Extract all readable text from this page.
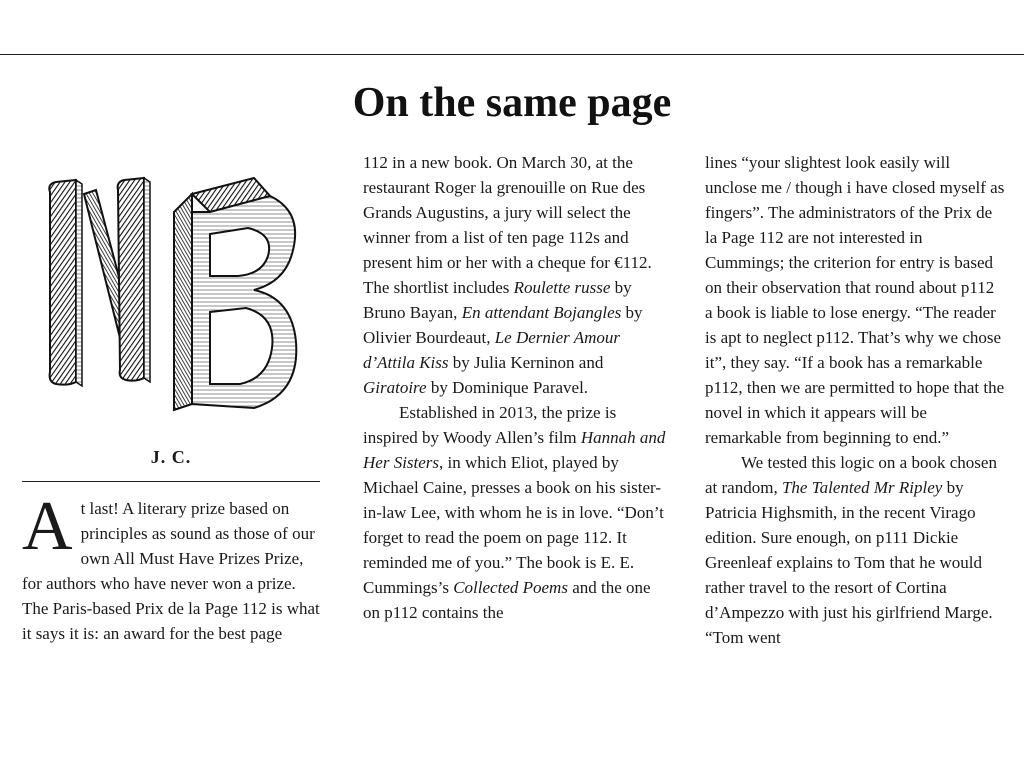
On the same page
J. C.

At last! A literary prize based on principles as sound as those of our own All Must Have Prizes Prize, for authors who have never won a prize. The Paris-based Prix de la Page 112 is what it says it is: an award for the best page

112 in a new book. On March 30, at the restaurant Roger la grenouille on Rue des Grands Augustins, a jury will select the winner from a list of ten page 112s and present him or her with a cheque for €112. The shortlist includes Roulette russe by Bruno Bayan, En attendant Bojangles by Olivier Bourdeaut, Le Dernier Amour d’Attila Kiss by Julia Kerninon and Giratoire by Dominique Paravel.

Established in 2013, the prize is inspired by Woody Allen’s film Hannah and Her Sisters, in which Eliot, played by Michael Caine, presses a book on his sister-in-law Lee, with whom he is in love. “Don’t forget to read the poem on page 112. It reminded me of you.” The book is E. E. Cummings’s Collected Poems and the one on p112 contains the

lines “your slightest look easily will unclose me / though i have closed myself as fingers”. The administrators of the Prix de la Page 112 are not interested in Cummings; the criterion for entry is based on their observation that round about p112 a book is liable to lose energy. “The reader is apt to neglect p112. That’s why we chose it”, they say. “If a book has a remarkable p112, then we are permitted to hope that the novel in which it appears will be remarkable from beginning to end.”

We tested this logic on a book chosen at random, The Talented Mr Ripley by Patricia Highsmith, in the recent Virago edition. Sure enough, on p111 Dickie Greenleaf explains to Tom that he would rather travel to the resort of Cortina d’Ampezzo with just his girlfriend Marge. “Tom went
